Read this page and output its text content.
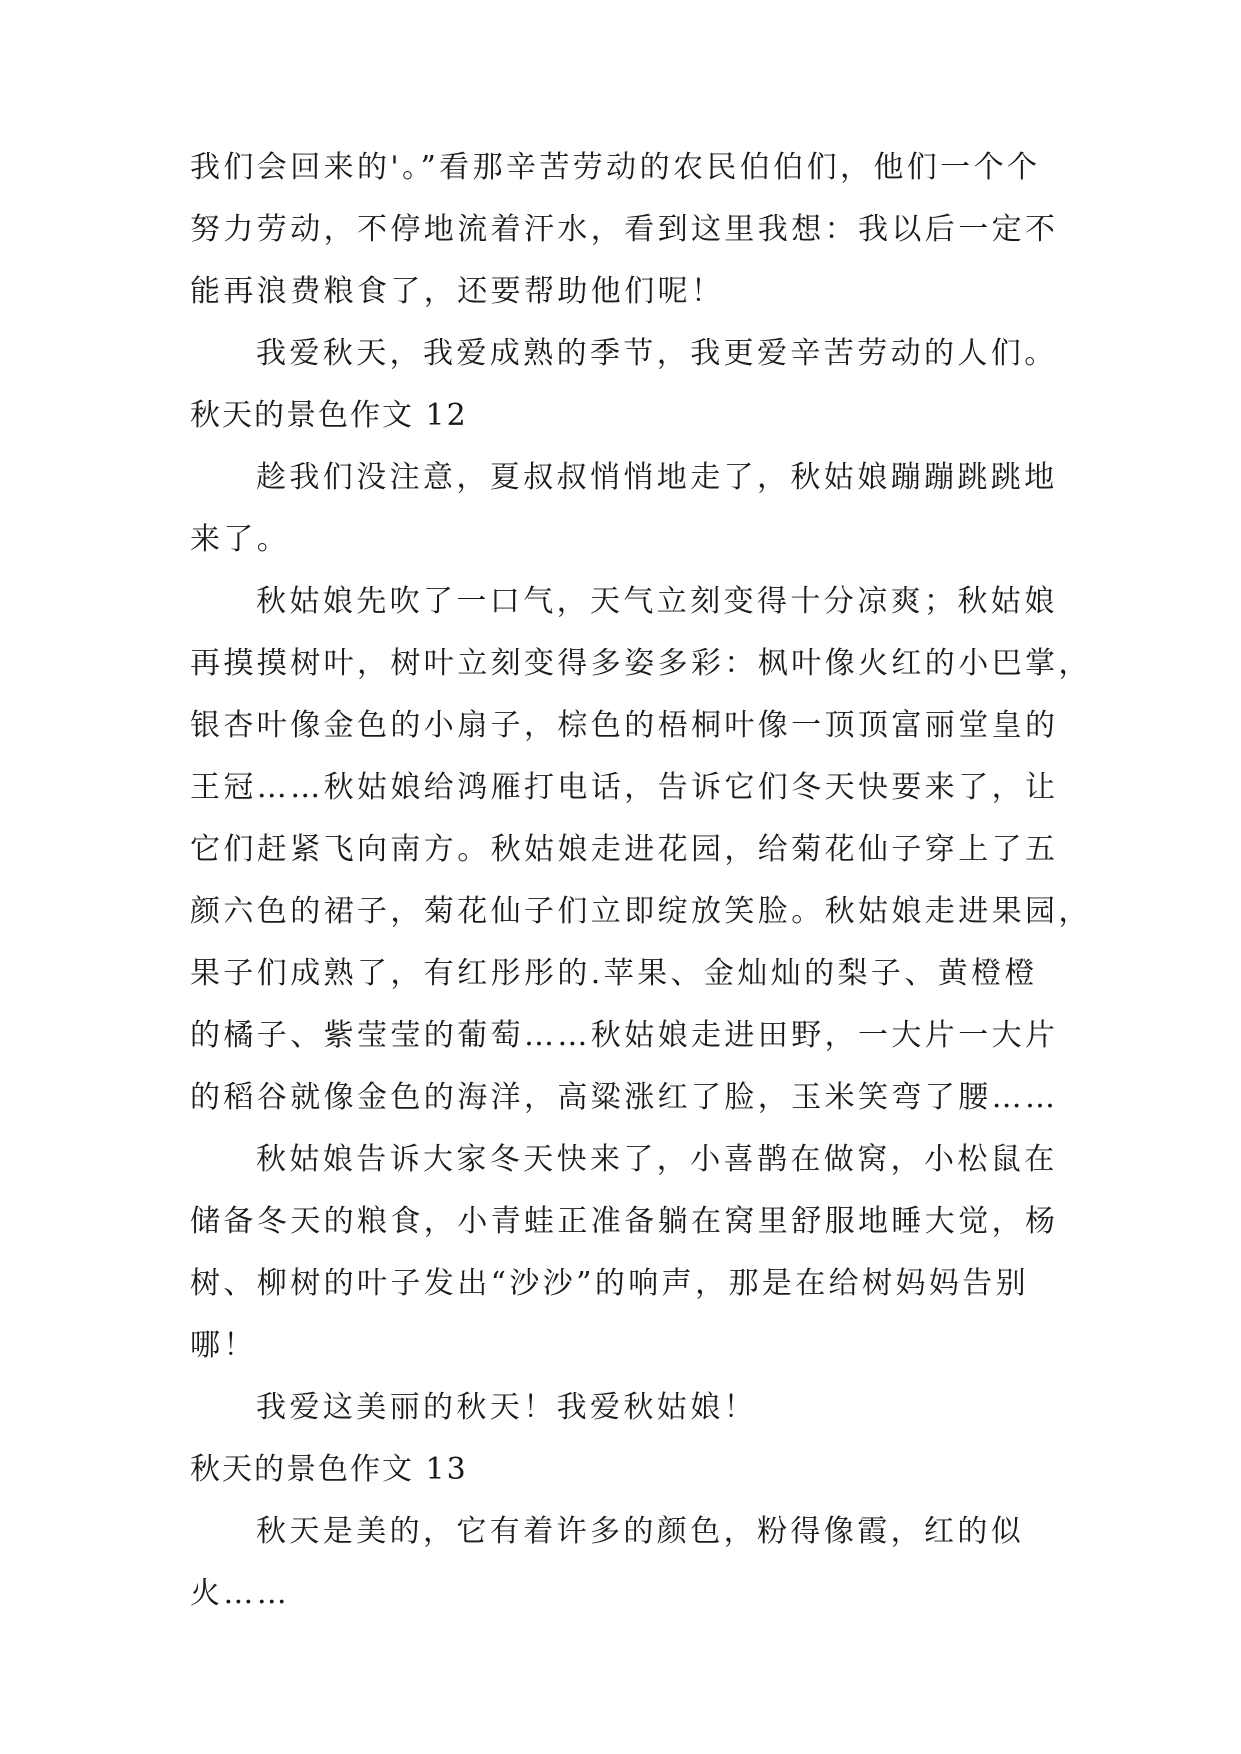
我们会回来的'。”看那辛苦劳动的农民伯伯们，他们一个个
努力劳动，不停地流着汗水，看到这里我想：我以后一定不
能再浪费粮食了，还要帮助他们呢！
我爱秋天，我爱成熟的季节，我更爱辛苦劳动的人们。
秋天的景色作文 12
趁我们没注意，夏叔叔悄悄地走了，秋姑娘蹦蹦跳跳地
来了。
秋姑娘先吹了一口气，天气立刻变得十分凉爽；秋姑娘
再摸摸树叶，树叶立刻变得多姿多彩：枫叶像火红的小巴掌，
银杏叶像金色的小扇子，棕色的梧桐叶像一顶顶富丽堂皇的
王冠……秋姑娘给鸿雁打电话，告诉它们冬天快要来了，让
它们赶紧飞向南方。秋姑娘走进花园，给菊花仙子穿上了五
颜六色的裙子，菊花仙子们立即绽放笑脸。秋姑娘走进果园，
果子们成熟了，有红彤彤的.苹果、金灿灿的梨子、黄橙橙
的橘子、紫莹莹的葡萄……秋姑娘走进田野，一大片一大片
的稻谷就像金色的海洋，高粱涨红了脸，玉米笑弯了腰……
秋姑娘告诉大家冬天快来了，小喜鹊在做窝，小松鼠在
储备冬天的粮食，小青蛙正准备躺在窝里舒服地睡大觉，杨
树、柳树的叶子发出“沙沙”的响声，那是在给树妈妈告别
哪！
我爱这美丽的秋天！我爱秋姑娘！
秋天的景色作文 13
秋天是美的，它有着许多的颜色，粉得像霞，红的似
火……
